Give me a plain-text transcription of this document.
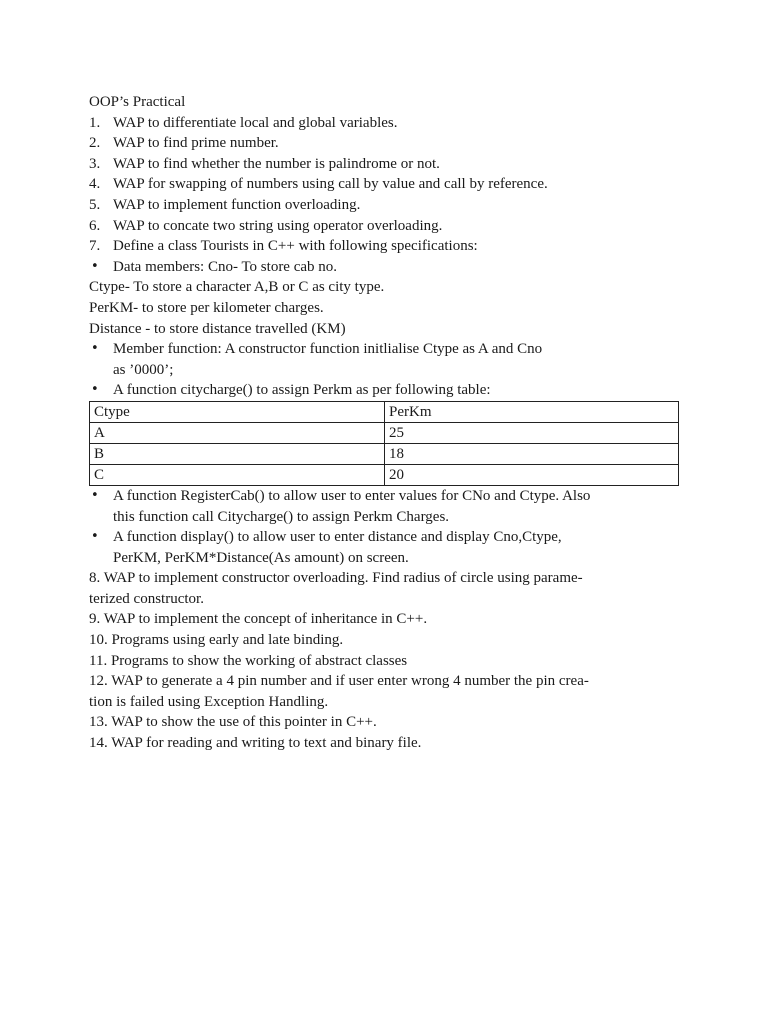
OOP’s Practical
1. WAP to differentiate local and global variables.
2. WAP to find prime number.
3. WAP to find whether the number is palindrome or not.
4. WAP for swapping of numbers using call by value and call by reference.
5. WAP to implement function overloading.
6. WAP to concate two string using operator overloading.
7. Define a class Tourists in C++ with following specifications:
• Data members: Cno- To store cab no.
Ctype- To store a character A,B or C as city type.
PerKM- to store per kilometer charges.
Distance - to store distance travelled (KM)
• Member function: A constructor function initlialise Ctype as A and Cno
as ’0000’;
• A function citycharge() to assign Perkm as per following table:
Ctype	PerKm
A	25
B	18
C	20
• A function RegisterCab() to allow user to enter values for CNo and Ctype. Also
this function call Citycharge() to assign Perkm Charges.
• A function display() to allow user to enter distance and display Cno,Ctype,
PerKM, PerKM*Distance(As amount) on screen.
8. WAP to implement constructor overloading. Find radius of circle using parame-
terized constructor.
9. WAP to implement the concept of inheritance in C++.
10. Programs using early and late binding.
11. Programs to show the working of abstract classes
12. WAP to generate a 4 pin number and if user enter wrong 4 number the pin crea-
tion is failed using Exception Handling.
13. WAP to show the use of this pointer in C++.
14. WAP for reading and writing to text and binary file.
